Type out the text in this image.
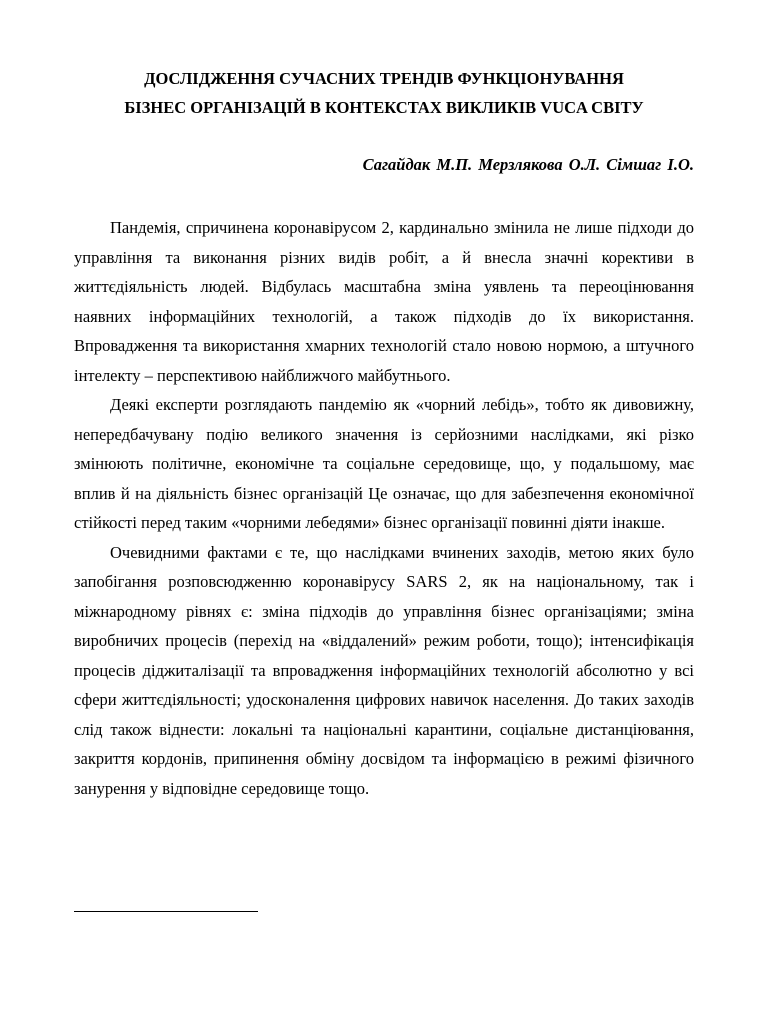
ДОСЛІДЖЕННЯ СУЧАСНИХ ТРЕНДІВ ФУНКЦІОНУВАННЯ
БІЗНЕС ОРГАНІЗАЦІЙ В КОНТЕКСТАХ ВИКЛИКІВ VUCA СВІТУ

Сагайдак М.П. Мерзлякова О.Л. Сімшаг І.О.

Пандемія, спричинена коронавірусом 2, кардинально змінила не лише підходи до управління та виконання різних видів робіт, а й внесла значні корективи в життєдіяльність людей. Відбулась масштабна зміна уявлень та переоцінювання наявних інформаційних технологій, а також підходів до їх використання. Впровадження та використання хмарних технологій стало новою нормою, а штучного інтелекту – перспективою найближчого майбутнього.

Деякі експерти розглядають пандемію як «чорний лебідь», тобто як дивовижну, непередбачувану подію великого значення із серйозними наслідками, які різко змінюють політичне, економічне та соціальне середовище, що, у подальшому, має вплив й на діяльність бізнес організацій Це означає, що для забезпечення економічної стійкості перед таким «чорними лебедями» бізнес організації повинні діяти інакше.

Очевидними фактами є те, що наслідками вчинених заходів, метою яких було запобігання розповсюдженню коронавірусу SARS 2, як на національному, так і міжнародному рівнях є: зміна підходів до управління бізнес організаціями; зміна виробничих процесів (перехід на «віддалений» режим роботи, тощо); інтенсифікація процесів діджиталізації та впровадження інформаційних технологій абсолютно у всі сфери життєдіяльності; удосконалення цифрових навичок населення. До таких заходів слід також віднести: локальні та національні карантини, соціальне дистанціювання, закриття кордонів, припинення обміну досвідом та інформацією в режимі фізичного занурення у відповідне середовище тощо.
